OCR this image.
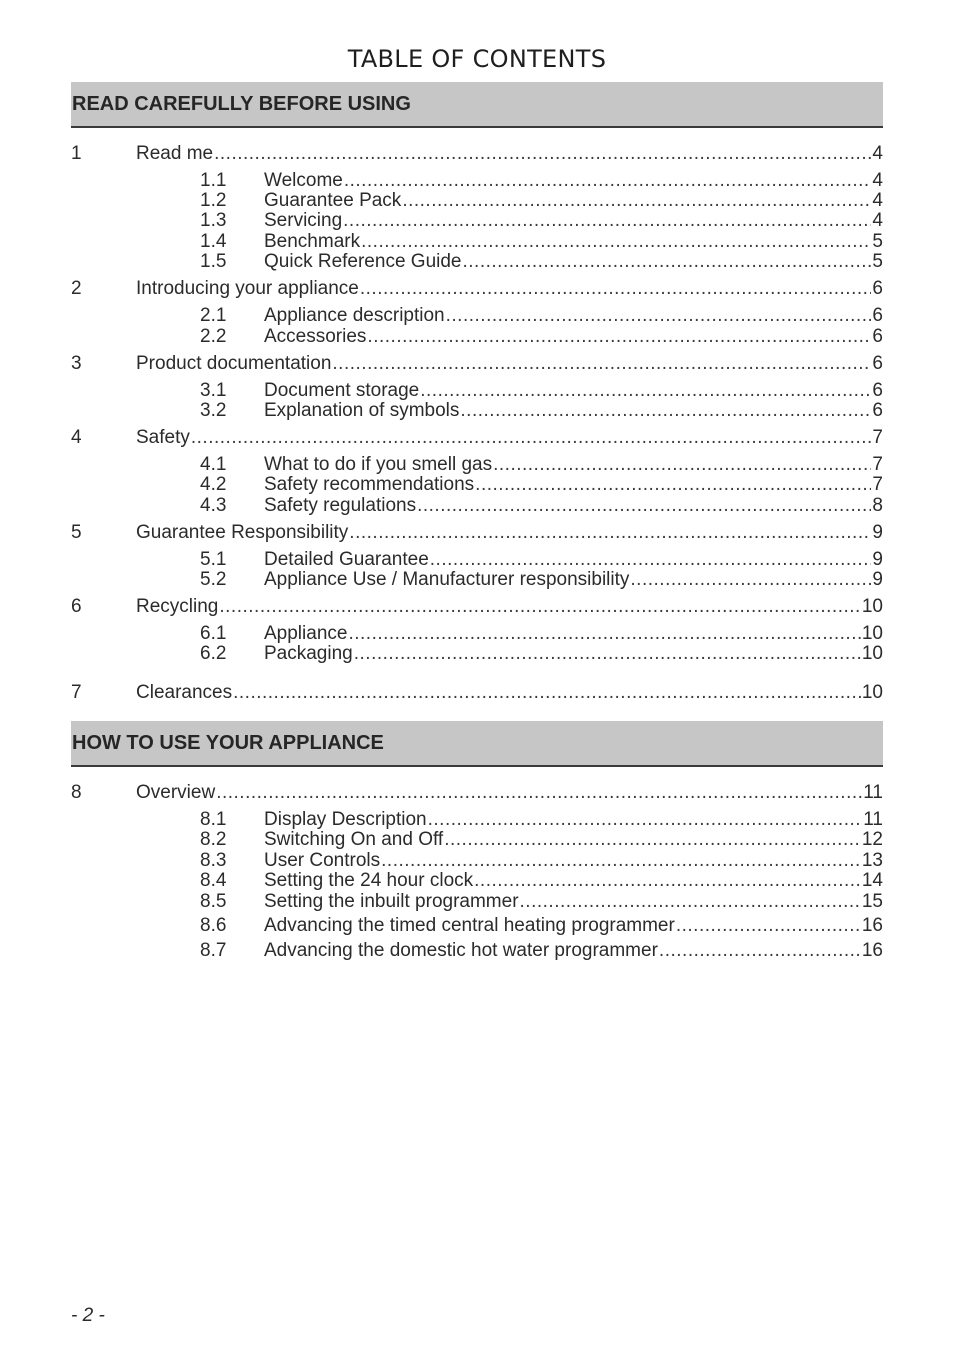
TABLE OF CONTENTS
READ CAREFULLY BEFORE USING
1	Read me .....	4
1.1 Welcome .....	4
1.2 Guarantee Pack .....	4
1.3 Servicing .....	4
1.4 Benchmark .....	5
1.5 Quick Reference Guide .....	5
2	Introducing your appliance .....	6
2.1 Appliance description .....	6
2.2 Accessories .....	6
3	Product documentation .....	6
3.1 Document storage .....	6
3.2 Explanation of symbols .....	6
4	Safety .....	7
4.1 What to do if you smell gas .....	7
4.2 Safety recommendations .....	7
4.3 Safety regulations .....	8
5	Guarantee Responsibility .....	9
5.1 Detailed Guarantee .....	9
5.2 Appliance Use / Manufacturer responsibility .....	9
6	Recycling .....	10
6.1 Appliance .....	10
6.2 Packaging .....	10
7	Clearances .....	10
HOW TO USE YOUR APPLIANCE
8	Overview .....	11
8.1 Display Description .....	11
8.2 Switching On and Off .....	12
8.3 User Controls .....	13
8.4 Setting the 24 hour clock .....	14
8.5 Setting the inbuilt programmer .....	15
8.6 Advancing the timed central heating programmer .....	16
8.7 Advancing the domestic hot water programmer .....	16
- 2 -
